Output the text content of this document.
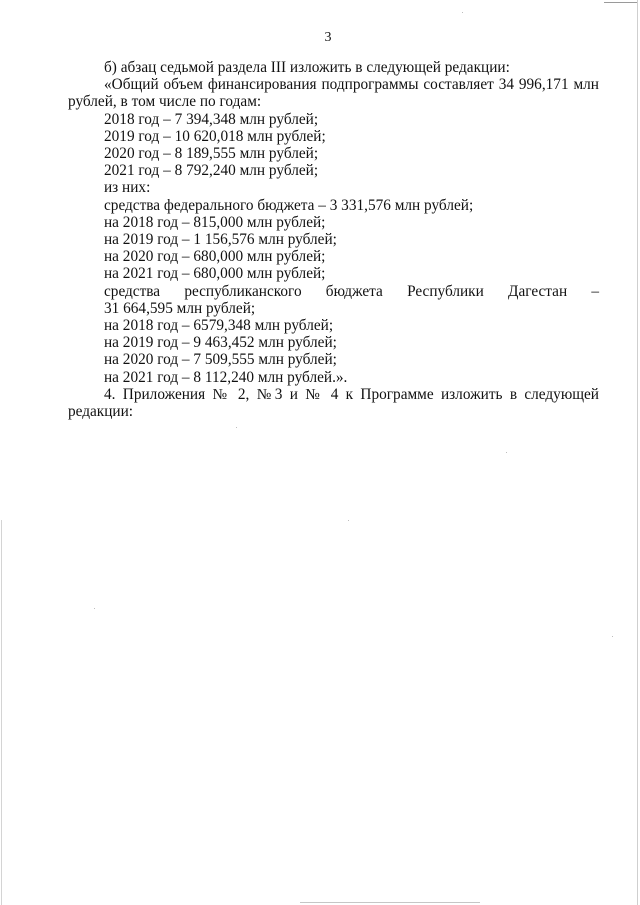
3
б) абзац седьмой раздела III изложить в следующей редакции:
«Общий объем финансирования подпрограммы составляет 34 996,171 млн рублей, в том числе по годам:
2018 год – 7 394,348 млн рублей;
2019 год – 10 620,018 млн рублей;
2020 год – 8 189,555 млн рублей;
2021 год – 8 792,240 млн рублей;
из них:
средства федерального бюджета – 3 331,576 млн рублей;
на 2018 год – 815,000 млн рублей;
на 2019 год – 1 156,576 млн рублей;
на 2020 год – 680,000 млн рублей;
на 2021 год – 680,000 млн рублей;
средства республиканского бюджета Республики Дагестан –
31 664,595 млн рублей;
на 2018 год – 6579,348 млн рублей;
на 2019 год – 9 463,452 млн рублей;
на 2020 год – 7 509,555 млн рублей;
на 2021 год – 8 112,240 млн рублей.».
4. Приложения № 2, №3 и № 4 к Программе изложить в следующей редакции:
